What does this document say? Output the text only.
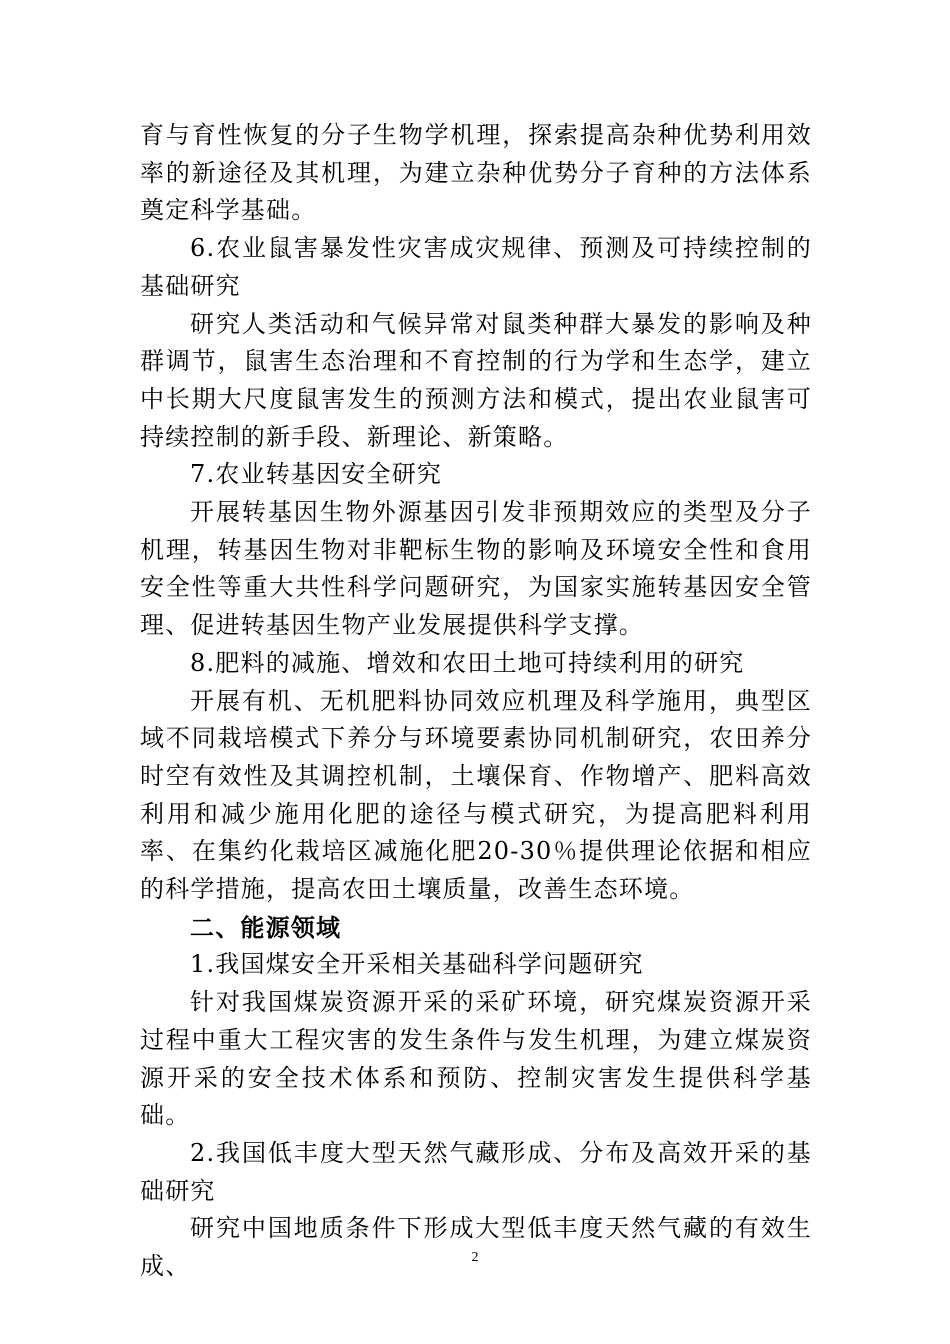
育与育性恢复的分子生物学机理，探索提高杂种优势利用效率的新途径及其机理，为建立杂种优势分子育种的方法体系奠定科学基础。

6.农业鼠害暴发性灾害成灾规律、预测及可持续控制的基础研究

研究人类活动和气候异常对鼠类种群大暴发的影响及种群调节，鼠害生态治理和不育控制的行为学和生态学，建立中长期大尺度鼠害发生的预测方法和模式，提出农业鼠害可持续控制的新手段、新理论、新策略。

7.农业转基因安全研究

开展转基因生物外源基因引发非预期效应的类型及分子机理，转基因生物对非靶标生物的影响及环境安全性和食用安全性等重大共性科学问题研究，为国家实施转基因安全管理、促进转基因生物产业发展提供科学支撑。

8.肥料的减施、增效和农田土地可持续利用的研究

开展有机、无机肥料协同效应机理及科学施用，典型区域不同栽培模式下养分与环境要素协同机制研究，农田养分时空有效性及其调控机制，土壤保育、作物增产、肥料高效利用和减少施用化肥的途径与模式研究，为提高肥料利用率、在集约化栽培区减施化肥20-30％提供理论依据和相应的科学措施，提高农田土壤质量，改善生态环境。

二、能源领域

1.我国煤安全开采相关基础科学问题研究

针对我国煤炭资源开采的采矿环境，研究煤炭资源开采过程中重大工程灾害的发生条件与发生机理，为建立煤炭资源开采的安全技术体系和预防、控制灾害发生提供科学基础。

2.我国低丰度大型天然气藏形成、分布及高效开采的基础研究

研究中国地质条件下形成大型低丰度天然气藏的有效生成、	2
